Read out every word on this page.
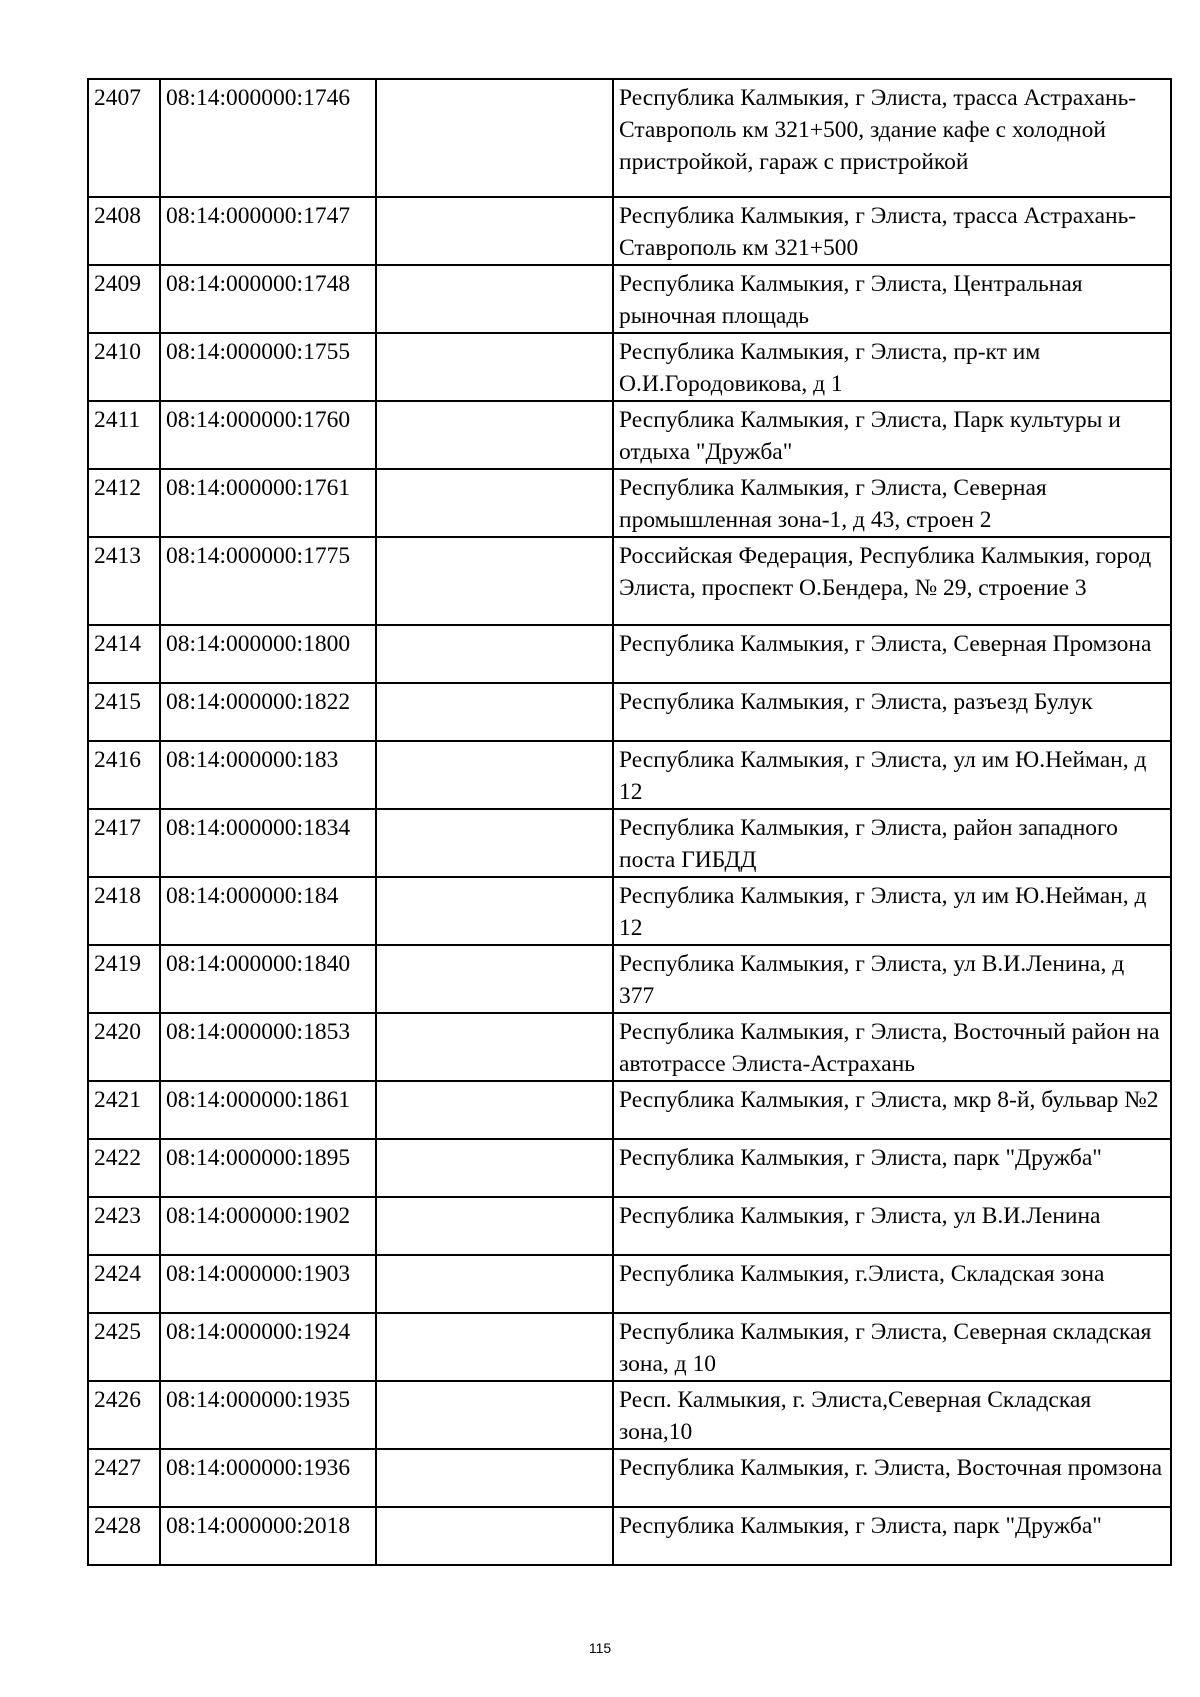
2407	08:14:000000:1746		Республика Калмыкия, г Элиста, трасса Астрахань-Ставрополь км 321+500, здание кафе с холодной пристройкой, гараж с пристройкой
2408	08:14:000000:1747		Республика Калмыкия, г Элиста, трасса Астрахань-Ставрополь км 321+500
2409	08:14:000000:1748		Республика Калмыкия, г Элиста, Центральная рыночная площадь
2410	08:14:000000:1755		Республика Калмыкия, г Элиста, пр-кт им О.И.Городовикова, д 1
2411	08:14:000000:1760		Республика Калмыкия, г Элиста, Парк культуры и отдыха "Дружба"
2412	08:14:000000:1761		Республика Калмыкия, г Элиста, Северная промышленная зона-1, д 43, строен 2
2413	08:14:000000:1775		Российская Федерация, Республика Калмыкия, город Элиста, проспект О.Бендера, № 29, строение 3
2414	08:14:000000:1800		Республика Калмыкия, г Элиста, Северная Промзона
2415	08:14:000000:1822		Республика Калмыкия, г Элиста, разъезд Булук
2416	08:14:000000:183		Республика Калмыкия, г Элиста, ул им Ю.Нейман, д 12
2417	08:14:000000:1834		Республика Калмыкия, г Элиста, район западного поста ГИБДД
2418	08:14:000000:184		Республика Калмыкия, г Элиста, ул им Ю.Нейман, д 12
2419	08:14:000000:1840		Республика Калмыкия, г Элиста, ул В.И.Ленина, д 377
2420	08:14:000000:1853		Республика Калмыкия, г Элиста, Восточный район на автотрассе Элиста-Астрахань
2421	08:14:000000:1861		Республика Калмыкия, г Элиста, мкр 8-й, бульвар №2
2422	08:14:000000:1895		Республика Калмыкия, г Элиста, парк "Дружба"
2423	08:14:000000:1902		Республика Калмыкия, г Элиста, ул В.И.Ленина
2424	08:14:000000:1903		Республика Калмыкия, г.Элиста, Складская зона
2425	08:14:000000:1924		Республика Калмыкия, г Элиста, Северная складская зона, д 10
2426	08:14:000000:1935		Респ. Калмыкия, г. Элиста,Северная Складская зона,10
2427	08:14:000000:1936		Республика Калмыкия, г. Элиста, Восточная промзона
2428	08:14:000000:2018		Республика Калмыкия, г Элиста, парк "Дружба"
115
